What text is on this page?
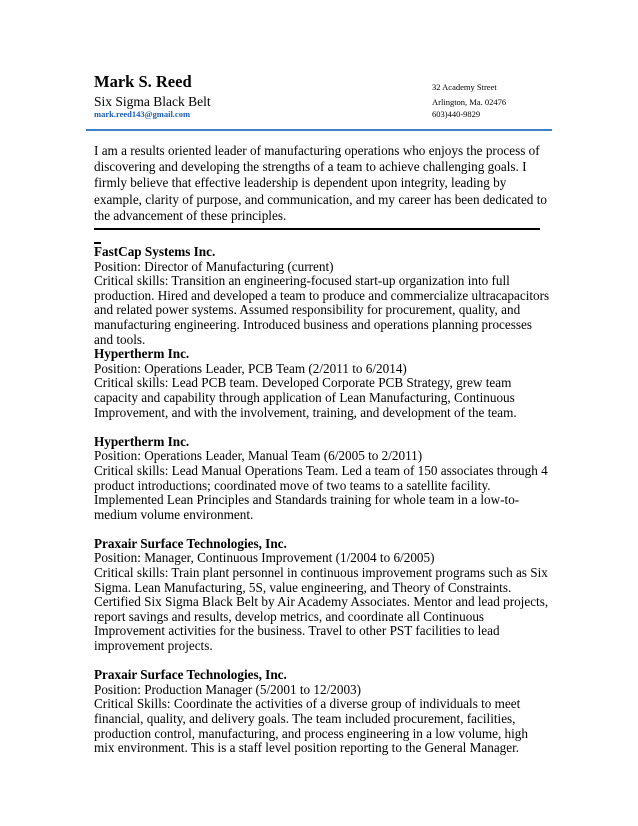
Mark S. Reed
Six Sigma Black Belt
mark.reed143@gmail.com
32 Academy Street
Arlington, Ma. 02476
603)440-9829
I am a results oriented leader of manufacturing operations who enjoys the process of discovering and developing the strengths of a team to achieve challenging goals. I firmly believe that effective leadership is dependent upon integrity, leading by example, clarity of purpose, and communication, and my career has been dedicated to the advancement of these principles.
FastCap Systems Inc.
Position: Director of Manufacturing (current)
Critical skills: Transition an engineering-focused start-up organization into full production. Hired and developed a team to produce and commercialize ultracapacitors and related power systems. Assumed responsibility for procurement, quality, and manufacturing engineering. Introduced business and operations planning processes and tools.
Hypertherm Inc.
Position: Operations Leader, PCB Team (2/2011 to 6/2014)
Critical skills: Lead PCB team. Developed Corporate PCB Strategy, grew team capacity and capability through application of Lean Manufacturing, Continuous Improvement, and with the involvement, training, and development of the team.
Hypertherm Inc.
Position: Operations Leader, Manual Team (6/2005 to 2/2011)
Critical skills: Lead Manual Operations Team. Led a team of 150 associates through 4 product introductions; coordinated move of two teams to a satellite facility. Implemented Lean Principles and Standards training for whole team in a low-to-medium volume environment.
Praxair Surface Technologies, Inc.
Position: Manager, Continuous Improvement (1/2004 to 6/2005)
Critical skills: Train plant personnel in continuous improvement programs such as Six Sigma. Lean Manufacturing, 5S, value engineering, and Theory of Constraints. Certified Six Sigma Black Belt by Air Academy Associates. Mentor and lead projects, report savings and results, develop metrics, and coordinate all Continuous Improvement activities for the business. Travel to other PST facilities to lead improvement projects.
Praxair Surface Technologies, Inc.
Position: Production Manager (5/2001 to 12/2003)
Critical Skills: Coordinate the activities of a diverse group of individuals to meet financial, quality, and delivery goals. The team included procurement, facilities, production control, manufacturing, and process engineering in a low volume, high mix environment. This is a staff level position reporting to the General Manager.
